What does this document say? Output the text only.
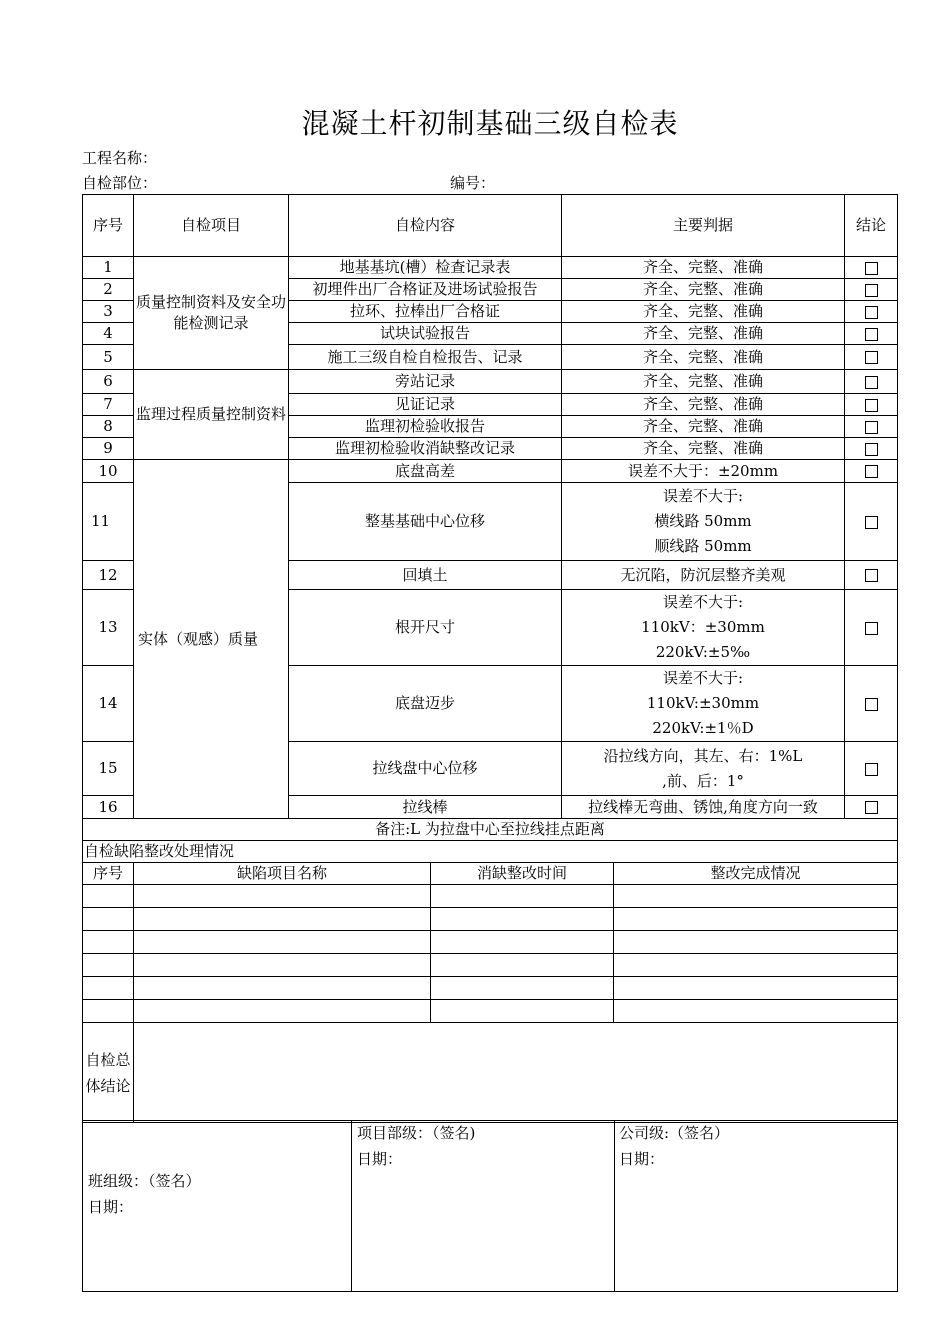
混凝土杆初制基础三级自检表
工程名称：
自检部位：	编号：
序号	自检项目	自检内容	主要判据	结论
1	质量控制资料及安全功能检测记录	地基基坑(槽）检查记录表	齐全、完整、准确	
2		初埋件出厂合格证及进场试验报告	齐全、完整、准确	
3		拉环、拉棒出厂合格证	齐全、完整、准确	
4		试块试验报告	齐全、完整、准确	
5		施工三级自检自检报告、记录	齐全、完整、准确	
6	监理过程质量控制资料	旁站记录	齐全、完整、准确	
7		见证记录	齐全、完整、准确	
8		监理初检验收报告	齐全、完整、准确	
9		监理初检验收消缺整改记录	齐全、完整、准确	
10	实体（观感）质量	底盘高差	误差不大于：±20mm	
11		整基基础中心位移	误差不大于:
横线路 50mm
顺线路 50mm	

12		回填土	无沉陷，防沉层整齐美观	
13		根开尺寸	误差不大于:
110kV：±30mm
220kV:±5‰	

14		底盘迈步	误差不大于:
110kV:±30mm
220kV:±1％D	

15		拉线盘中心位移	沿拉线方向，其左、右：1%L
,前、后：1°	

16		拉线棒	拉线棒无弯曲、锈蚀,角度方向一致	
备注:L 为拉盘中心至拉线挂点距离				
自检缺陷整改处理情况				
序号	缺陷项目名称	消缺整改时间	整改完成情况

自检总体结论			

班组级：（签名）
日期：
项目部级：（签名)
日期：
公司级:（签名）
日期：
